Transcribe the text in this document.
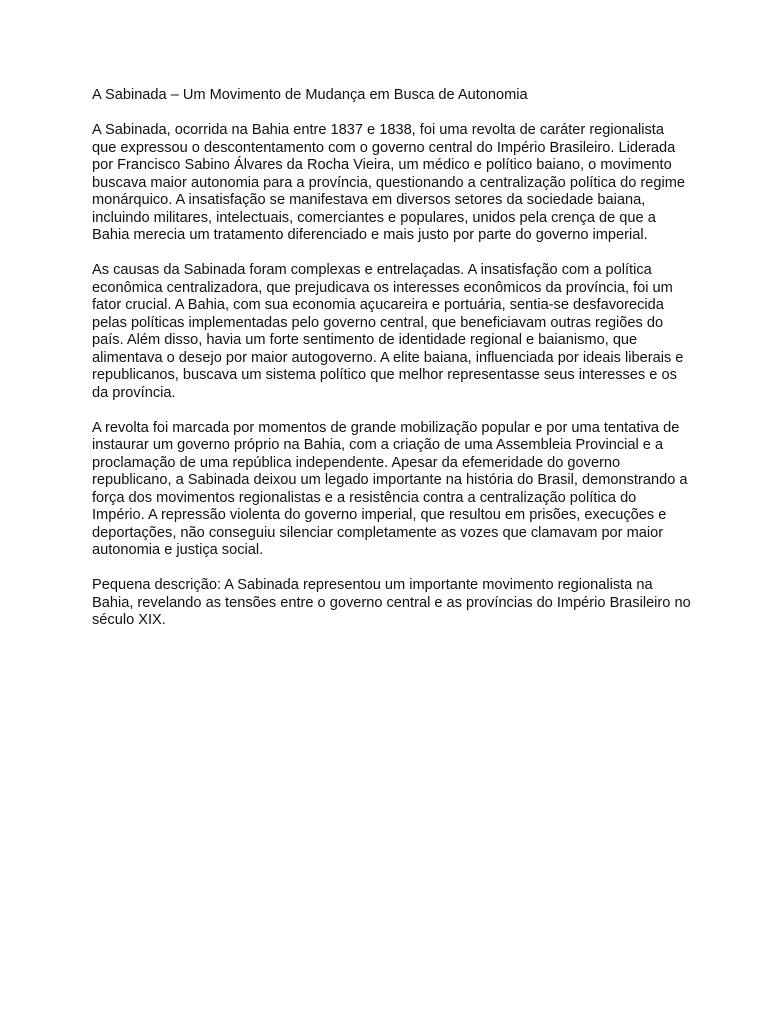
A Sabinada – Um Movimento de Mudança em Busca de Autonomia
A Sabinada, ocorrida na Bahia entre 1837 e 1838, foi uma revolta de caráter regionalista
que expressou o descontentamento com o governo central do Império Brasileiro. Liderada
por Francisco Sabino Álvares da Rocha Vieira, um médico e político baiano, o movimento
buscava maior autonomia para a província, questionando a centralização política do regime
monárquico. A insatisfação se manifestava em diversos setores da sociedade baiana,
incluindo militares, intelectuais, comerciantes e populares, unidos pela crença de que a
Bahia merecia um tratamento diferenciado e mais justo por parte do governo imperial.
As causas da Sabinada foram complexas e entrelaçadas. A insatisfação com a política
econômica centralizadora, que prejudicava os interesses econômicos da província, foi um
fator crucial. A Bahia, com sua economia açucareira e portuária, sentia-se desfavorecida
pelas políticas implementadas pelo governo central, que beneficiavam outras regiões do
país. Além disso, havia um forte sentimento de identidade regional e baianismo, que
alimentava o desejo por maior autogoverno. A elite baiana, influenciada por ideais liberais e
republicanos, buscava um sistema político que melhor representasse seus interesses e os
da província.
A revolta foi marcada por momentos de grande mobilização popular e por uma tentativa de
instaurar um governo próprio na Bahia, com a criação de uma Assembleia Provincial e a
proclamação de uma república independente. Apesar da efemeridade do governo
republicano, a Sabinada deixou um legado importante na história do Brasil, demonstrando a
força dos movimentos regionalistas e a resistência contra a centralização política do
Império. A repressão violenta do governo imperial, que resultou em prisões, execuções e
deportações, não conseguiu silenciar completamente as vozes que clamavam por maior
autonomia e justiça social.
Pequena descrição: A Sabinada representou um importante movimento regionalista na
Bahia, revelando as tensões entre o governo central e as províncias do Império Brasileiro no
século XIX.
